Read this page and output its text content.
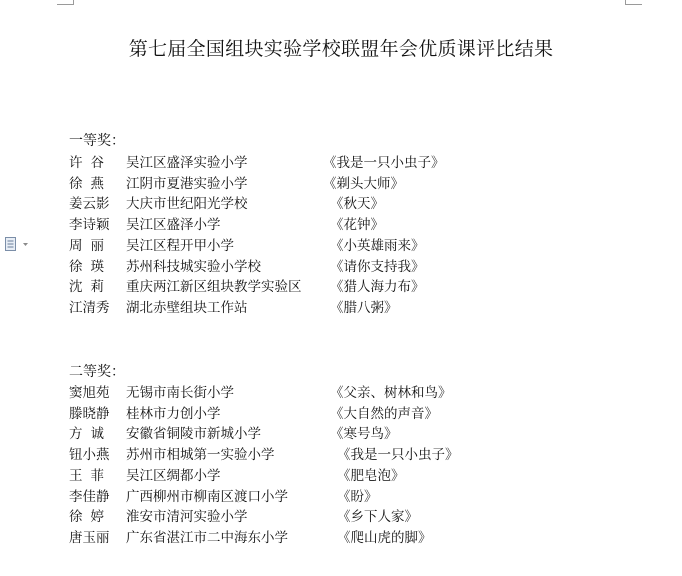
第七届全国组块实验学校联盟年会优质课评比结果
一等奖：
许谷 吴江区盛泽实验小学	《我是一只小虫子》
徐燕 江阴市夏港实验小学	《剃头大师》
姜云影 大庆市世纪阳光学校	《秋天》
李诗颖 吴江区盛泽小学	《花钟》
周丽 吴江区程开甲小学	《小英雄雨来》
徐瑛 苏州科技城实验小学校	《请你支持我》
沈莉 重庆两江新区组块教学实验区 《猎人海力布》
江清秀 湖北赤壁组块工作站	《腊八粥》
二等奖：
窦旭苑 无锡市南长街小学	《父亲、树林和鸟》
滕晓静 桂林市力创小学	《大自然的声音》
方诚 安徽省铜陵市新城小学	《寒号鸟》
钮小燕 苏州市相城第一实验小学	《我是一只小虫子》
王菲 吴江区绸都小学	《肥皂泡》
李佳静 广西柳州市柳南区渡口小学	《盼》
徐婷 淮安市清河实验小学	《乡下人家》
唐玉丽 广东省湛江市二中海东小学	《爬山虎的脚》
